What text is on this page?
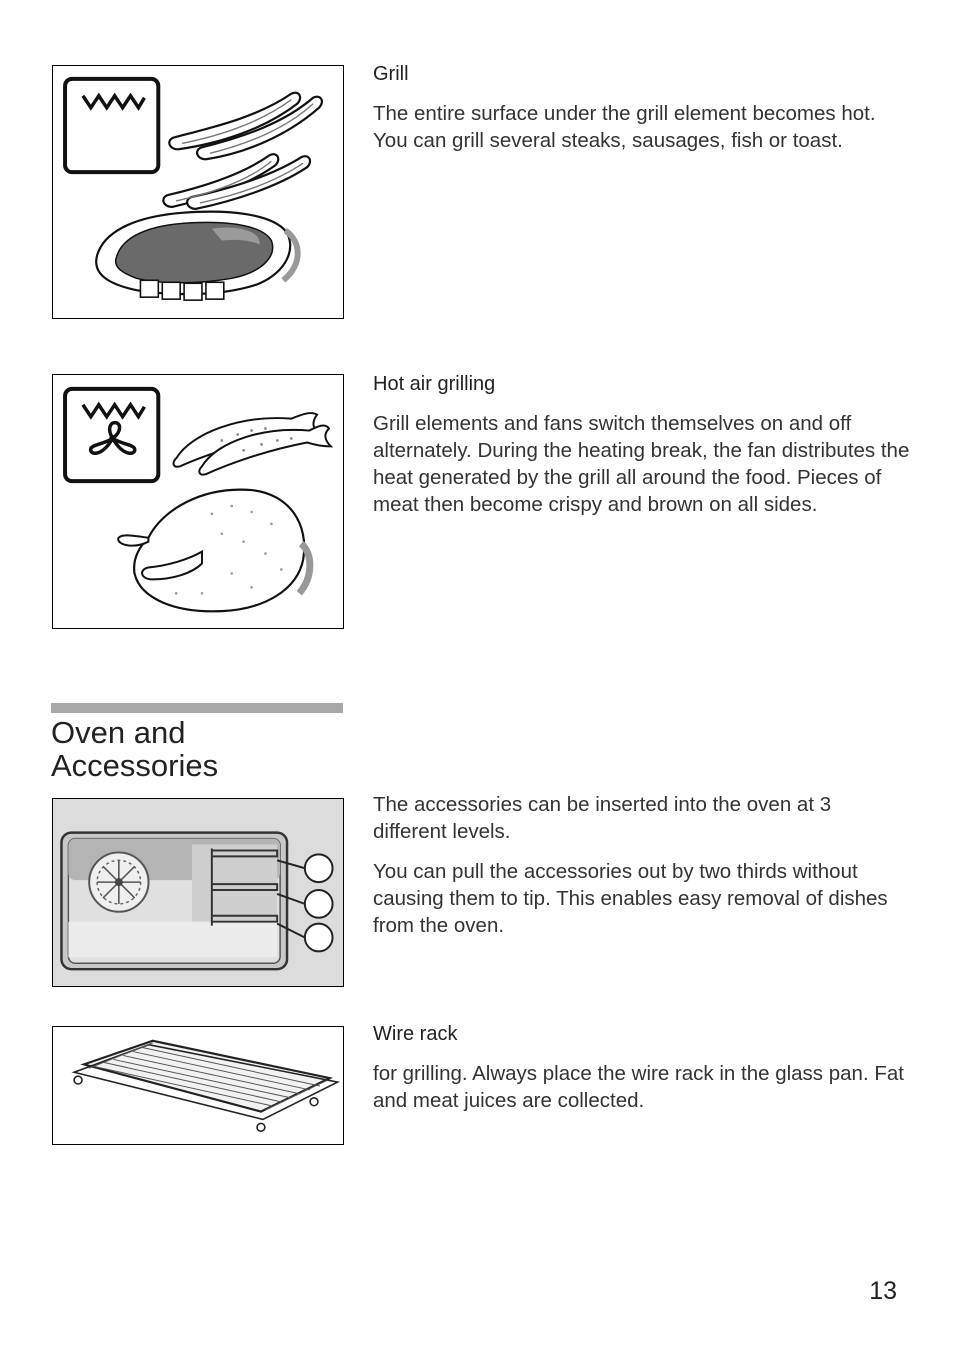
Grill

The entire surface under the grill element becomes hot. You can grill several steaks, sausages, fish or toast.

Hot air grilling

Grill elements and fans switch themselves on and off alternately. During the heating break, the fan distributes the heat generated by the grill all around the food. Pieces of meat then become crispy and brown on all sides.

Oven and
Accessories

The accessories can be inserted into the oven at 3 different levels.

You can pull the accessories out by two thirds without causing them to tip. This enables easy removal of dishes from the oven.

Wire rack

for grilling. Always place the wire rack in the glass pan. Fat and meat juices are collected.

13
